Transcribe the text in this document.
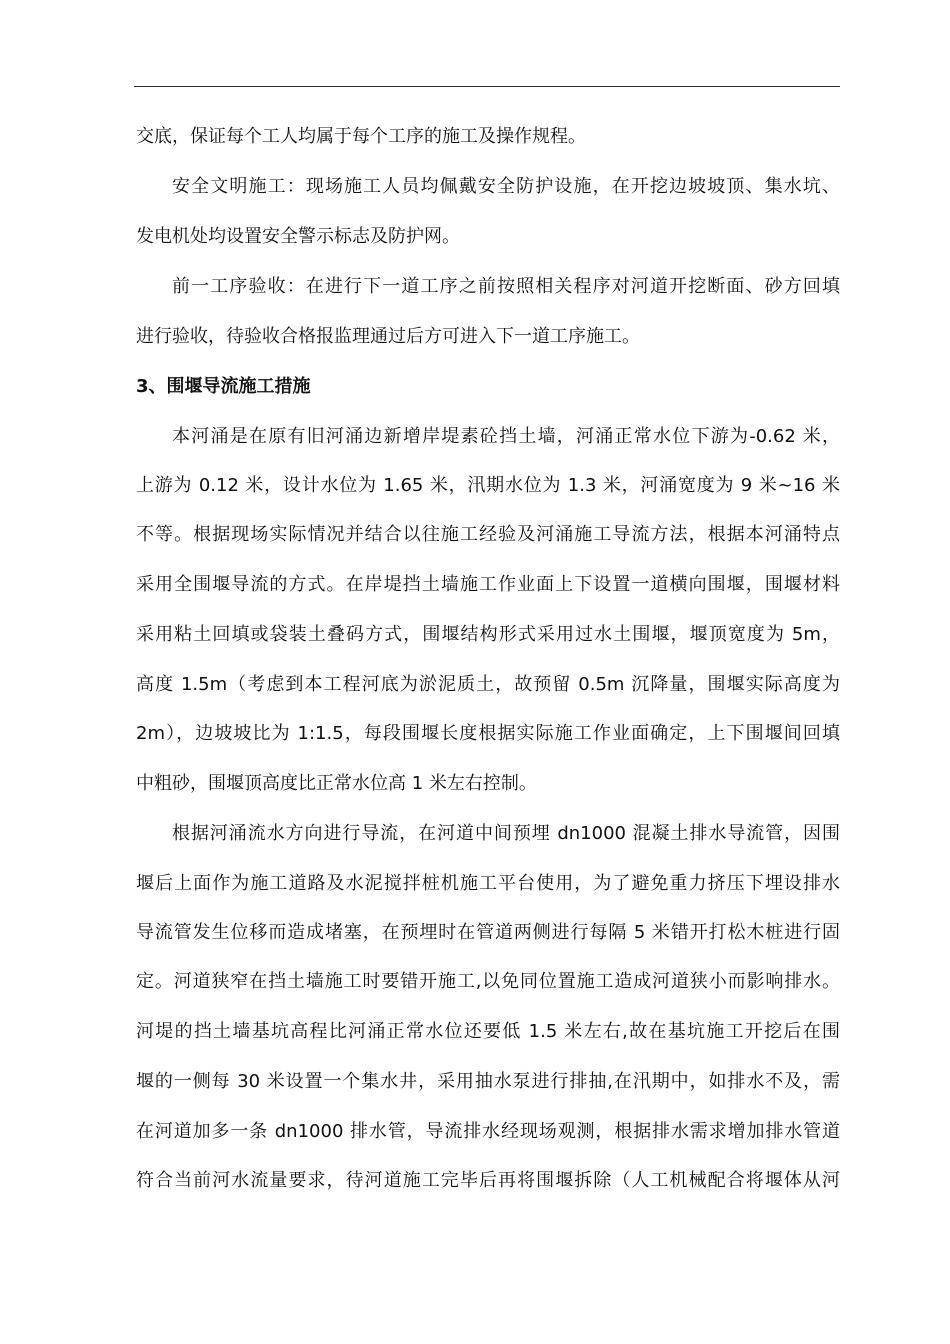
交底，保证每个工人均属于每个工序的施工及操作规程。
安全文明施工：现场施工人员均佩戴安全防护设施，在开挖边坡坡顶、集水坑、
发电机处均设置安全警示标志及防护网。
前一工序验收：在进行下一道工序之前按照相关程序对河道开挖断面、砂方回填
进行验收，待验收合格报监理通过后方可进入下一道工序施工。
3、围堰导流施工措施
本河涌是在原有旧河涌边新增岸堤素砼挡土墙，河涌正常水位下游为-0.62 米，
上游为 0.12 米，设计水位为 1.65 米，汛期水位为 1.3 米，河涌宽度为 9 米~16 米
不等。根据现场实际情况并结合以往施工经验及河涌施工导流方法，根据本河涌特点
采用全围堰导流的方式。在岸堤挡土墙施工作业面上下设置一道横向围堰，围堰材料
采用粘土回填或袋装土叠码方式，围堰结构形式采用过水土围堰，堰顶宽度为 5m，
高度 1.5m（考虑到本工程河底为淤泥质土，故预留 0.5m 沉降量，围堰实际高度为
2m），边坡坡比为 1:1.5，每段围堰长度根据实际施工作业面确定，上下围堰间回填
中粗砂，围堰顶高度比正常水位高 1 米左右控制。
根据河涌流水方向进行导流，在河道中间预埋 dn1000 混凝土排水导流管，因围
堰后上面作为施工道路及水泥搅拌桩机施工平台使用，为了避免重力挤压下埋设排水
导流管发生位移而造成堵塞，在预埋时在管道两侧进行每隔 5 米错开打松木桩进行固
定。河道狭窄在挡土墙施工时要错开施工,以免同位置施工造成河道狭小而影响排水。
河堤的挡土墙基坑高程比河涌正常水位还要低 1.5 米左右,故在基坑施工开挖后在围
堰的一侧每 30 米设置一个集水井，采用抽水泵进行排抽,在汛期中，如排水不及，需
在河道加多一条 dn1000 排水管，导流排水经现场观测，根据排水需求增加排水管道
符合当前河水流量要求，待河道施工完毕后再将围堰拆除（人工机械配合将堰体从河
